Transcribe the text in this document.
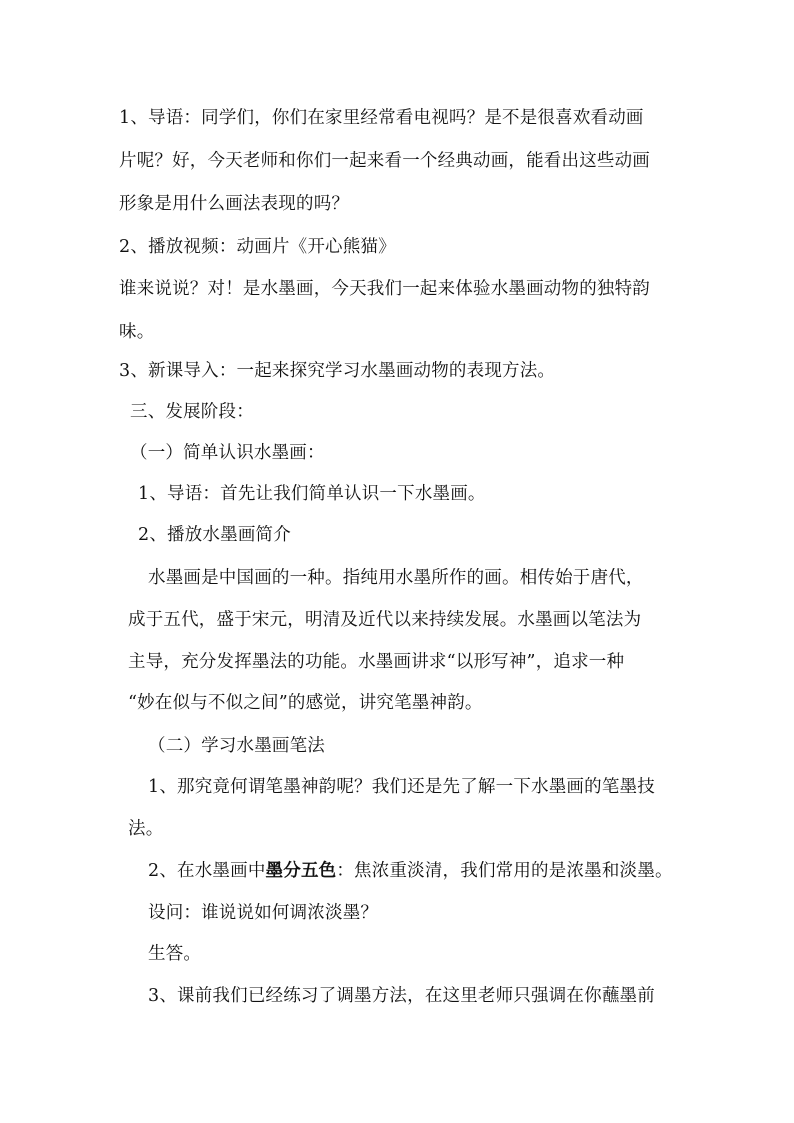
1、导语：同学们，你们在家里经常看电视吗？是不是很喜欢看动画
片呢？好，今天老师和你们一起来看一个经典动画，能看出这些动画
形象是用什么画法表现的吗？
2、播放视频：动画片《开心熊猫》
谁来说说？对！是水墨画，今天我们一起来体验水墨画动物的独特韵
味。
3、新课导入：一起来探究学习水墨画动物的表现方法。
三、发展阶段：
（一）简单认识水墨画：
1、导语：首先让我们简单认识一下水墨画。
2、播放水墨画简介
水墨画是中国画的一种。指纯用水墨所作的画。相传始于唐代，
成于五代，盛于宋元，明清及近代以来持续发展。水墨画以笔法为
主导，充分发挥墨法的功能。水墨画讲求“以形写神”，追求一种
“妙在似与不似之间”的感觉，讲究笔墨神韵。
（二）学习水墨画笔法
1、那究竟何谓笔墨神韵呢？我们还是先了解一下水墨画的笔墨技
法。
2、在水墨画中墨分五色：焦浓重淡清，我们常用的是浓墨和淡墨。
设问：谁说说如何调浓淡墨？
生答。
3、课前我们已经练习了调墨方法，在这里老师只强调在你蘸墨前
